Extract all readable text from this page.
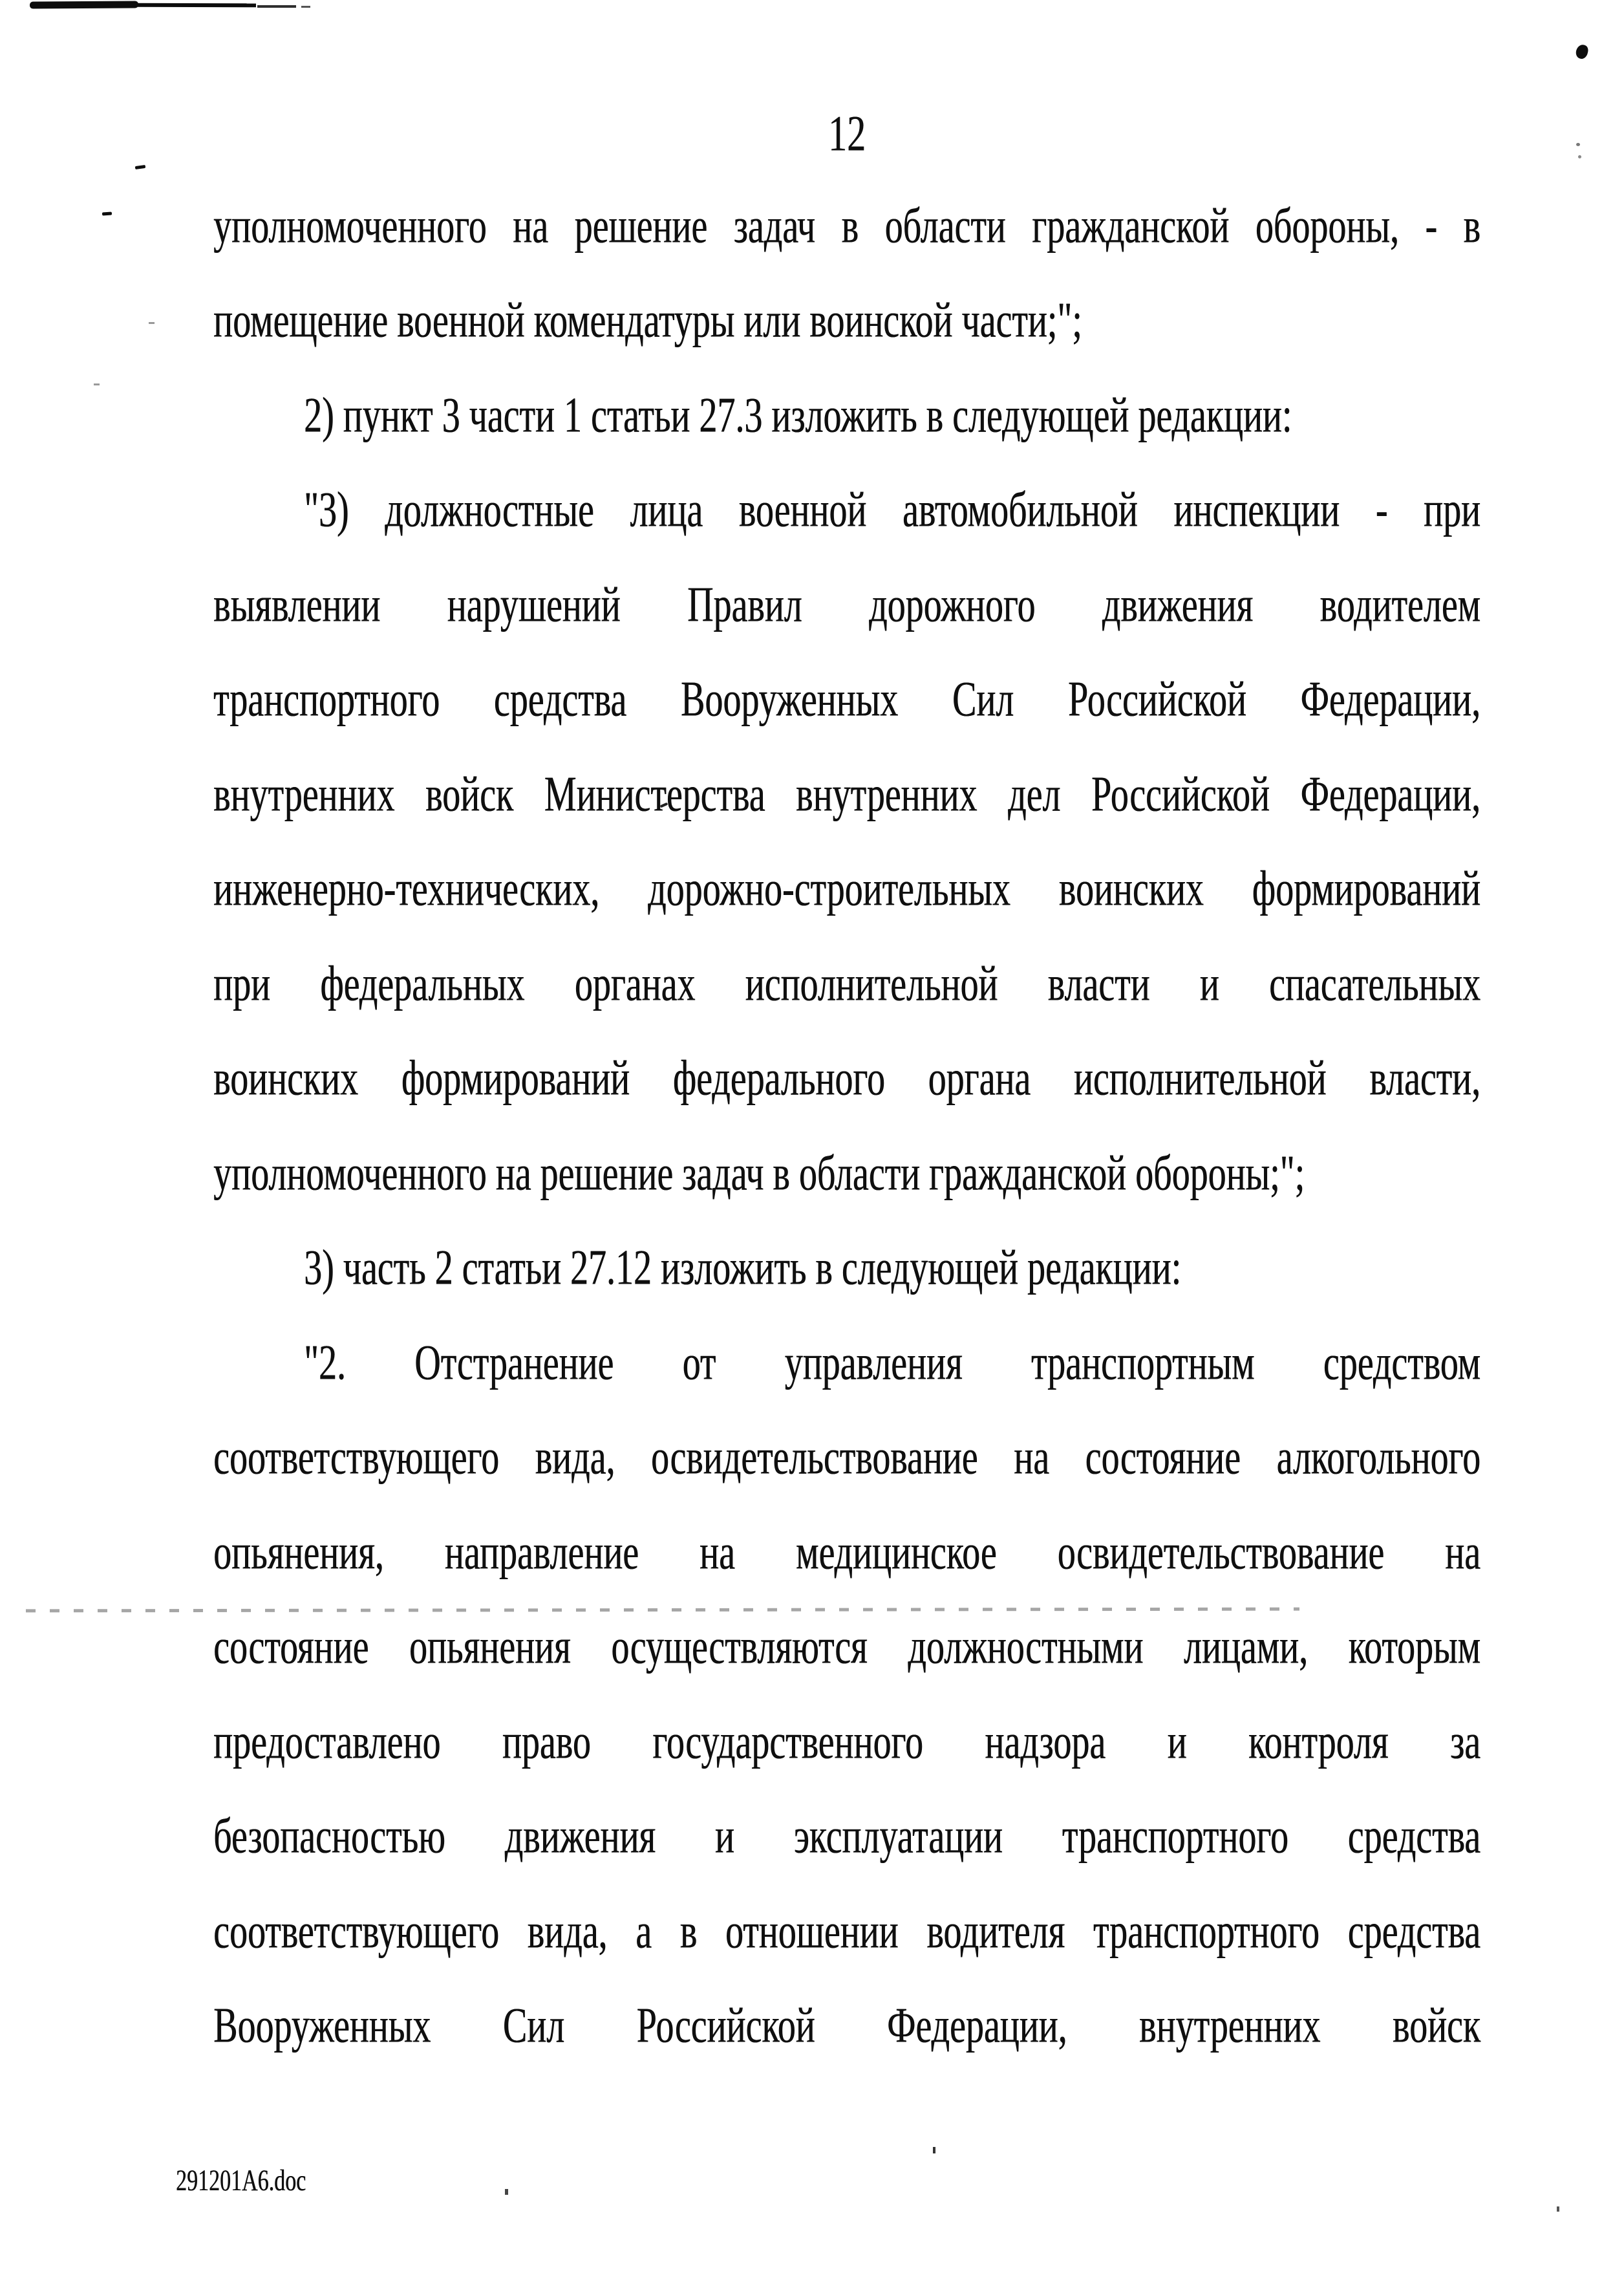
12
уполномоченного на решение задач в области гражданской обороны, - в
помещение военной комендатуры или воинской части;";
2) пункт 3 части 1 статьи 27.3 изложить в следующей редакции:
"3) должностные лица военной автомобильной инспекции - при
выявлении нарушений Правил дорожного движения водителем
транспортного средства Вооруженных Сил Российской Федерации,
внутренних войск Министерства внутренних дел Российской Федерации,
инженерно-технических, дорожно-строительных воинских формирований
при федеральных органах исполнительной власти и спасательных
воинских формирований федерального органа исполнительной власти,
уполномоченного на решение задач в области гражданской обороны;";
3) часть 2 статьи 27.12 изложить в следующей редакции:
"2. Отстранение от управления транспортным средством
соответствующего вида, освидетельствование на состояние алкогольного
опьянения, направление на медицинское освидетельствование на
состояние опьянения осуществляются должностными лицами, которым
предоставлено право государственного надзора и контроля за
безопасностью движения и эксплуатации транспортного средства
соответствующего вида, а в отношении водителя транспортного средства
Вооруженных Сил Российской Федерации, внутренних войск
291201А6.doc
